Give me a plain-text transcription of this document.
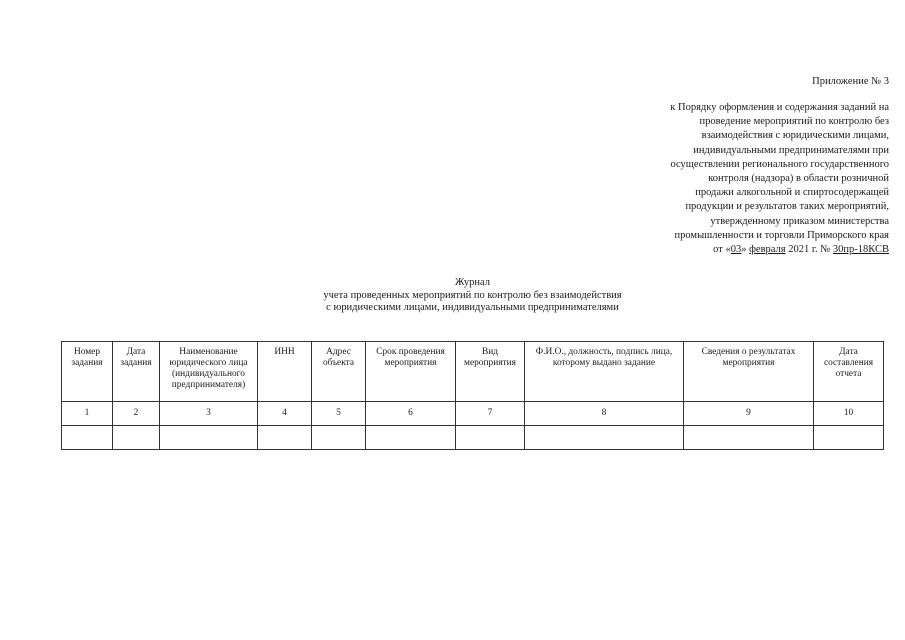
Приложение № 3
к Порядку оформления и содержания заданий на
проведение мероприятий по контролю без
взаимодействия с юридическими лицами,
индивидуальными предпринимателями при
осуществлении регионального государственного
контроля (надзора) в области розничной
продажи алкогольной и спиртосодержащей
продукции и результатов таких мероприятий,
утвержденному приказом министерства
промышленности и торговли Приморского края
от «03» февраля 2021 г. № 30пр-18КСВ
Журнал
учета проведенных мероприятий по контролю без взаимодействия
с юридическими лицами, индивидуальными предпринимателями
Номер задания	Дата задания	Наименование юридического лица (индивидуального предпринимателя)	ИНН	Адрес объекта	Срок проведения мероприятия	Вид мероприятия	Ф.И.О., должность, подпись лица, которому выдано задание	Сведения о результатах мероприятия	Дата составления отчета
1	2	3	4	5	6	7	8	9	10
